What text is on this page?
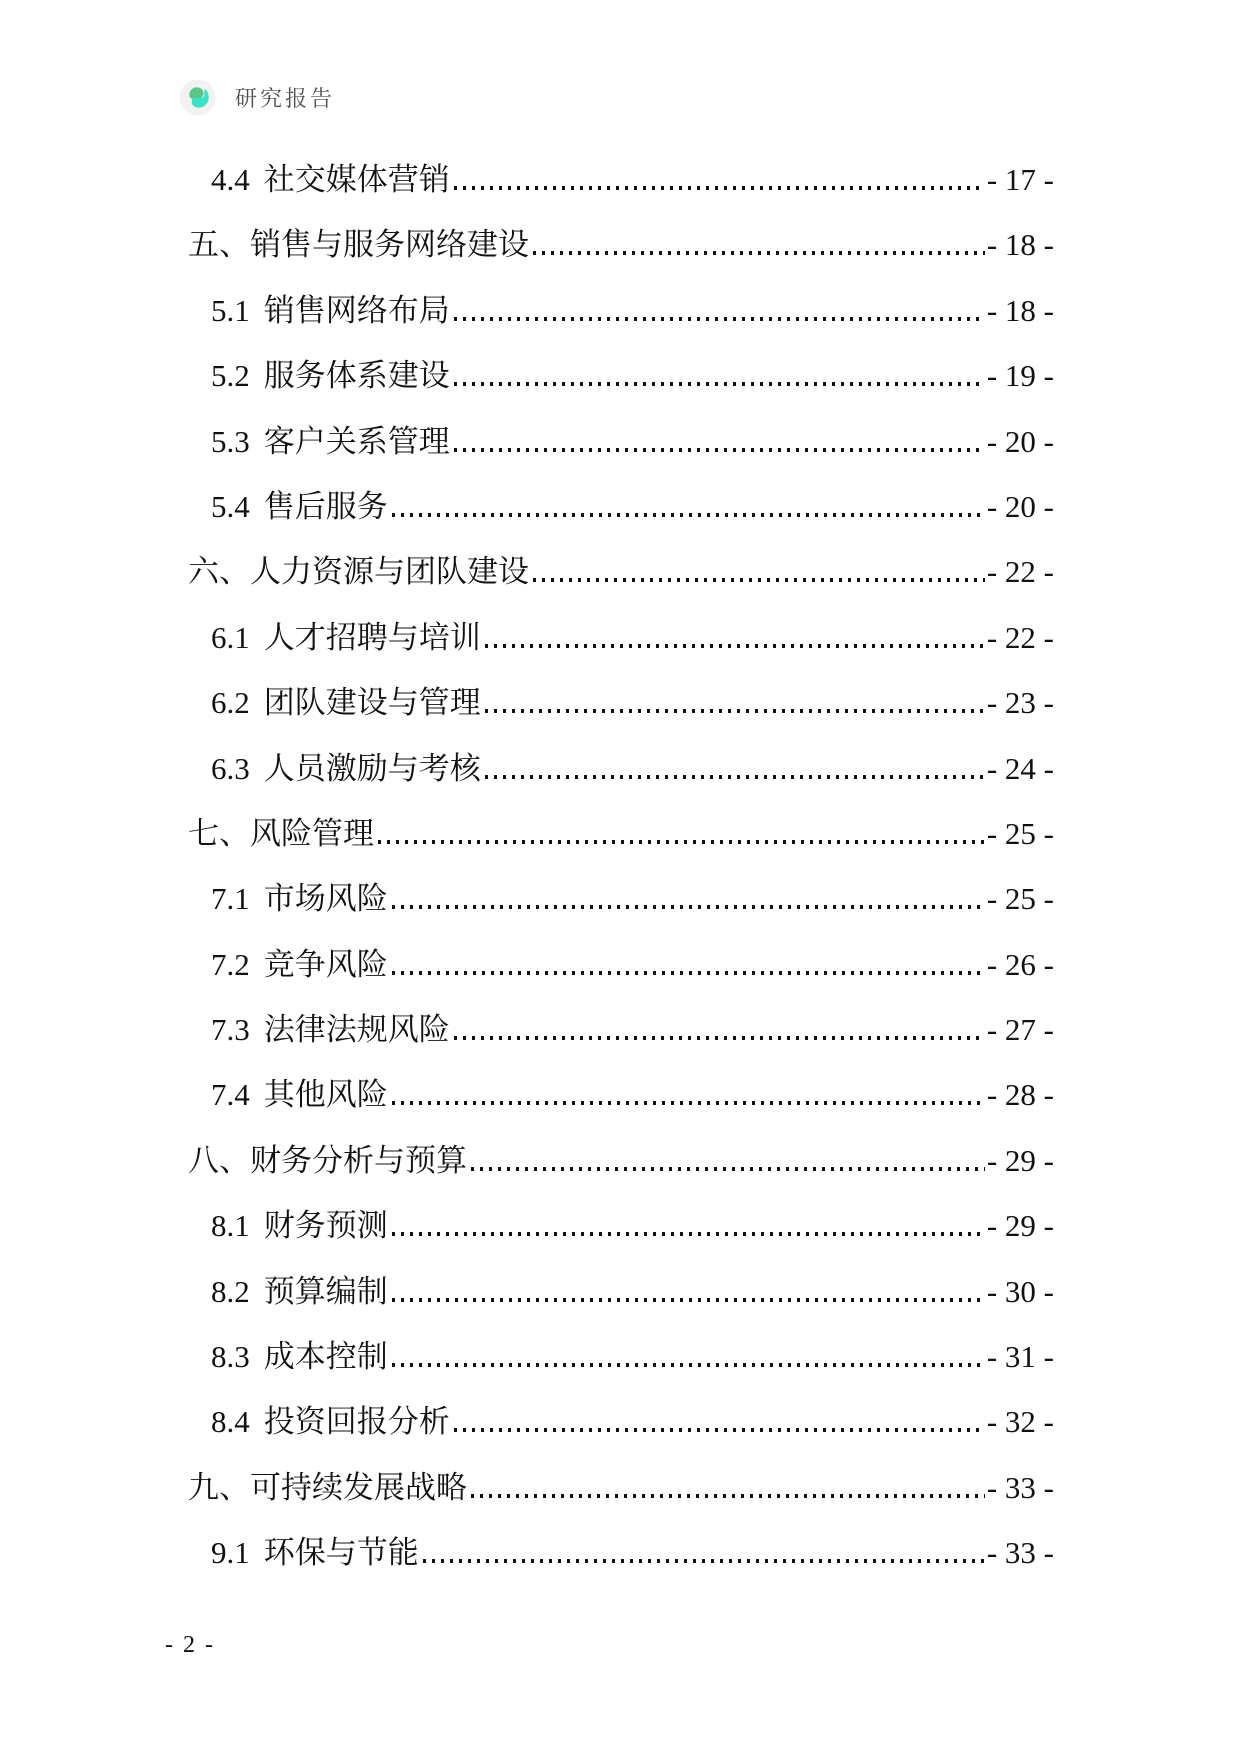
研究报告
4.4 社交媒体营销	- 17 -
五、 销售与服务网络建设	- 18 -
5.1 销售网络布局	- 18 -
5.2 服务体系建设	- 19 -
5.3 客户关系管理	- 20 -
5.4 售后服务	- 20 -
六、 人力资源与团队建设	- 22 -
6.1 人才招聘与培训	- 22 -
6.2 团队建设与管理	- 23 -
6.3 人员激励与考核	- 24 -
七、 风险管理	- 25 -
7.1 市场风险	- 25 -
7.2 竞争风险	- 26 -
7.3 法律法规风险	- 27 -
7.4 其他风险	- 28 -
八、 财务分析与预算	- 29 -
8.1 财务预测	- 29 -
8.2 预算编制	- 30 -
8.3 成本控制	- 31 -
8.4 投资回报分析	- 32 -
九、 可持续发展战略	- 33 -
9.1 环保与节能	- 33 -
- 2 -
